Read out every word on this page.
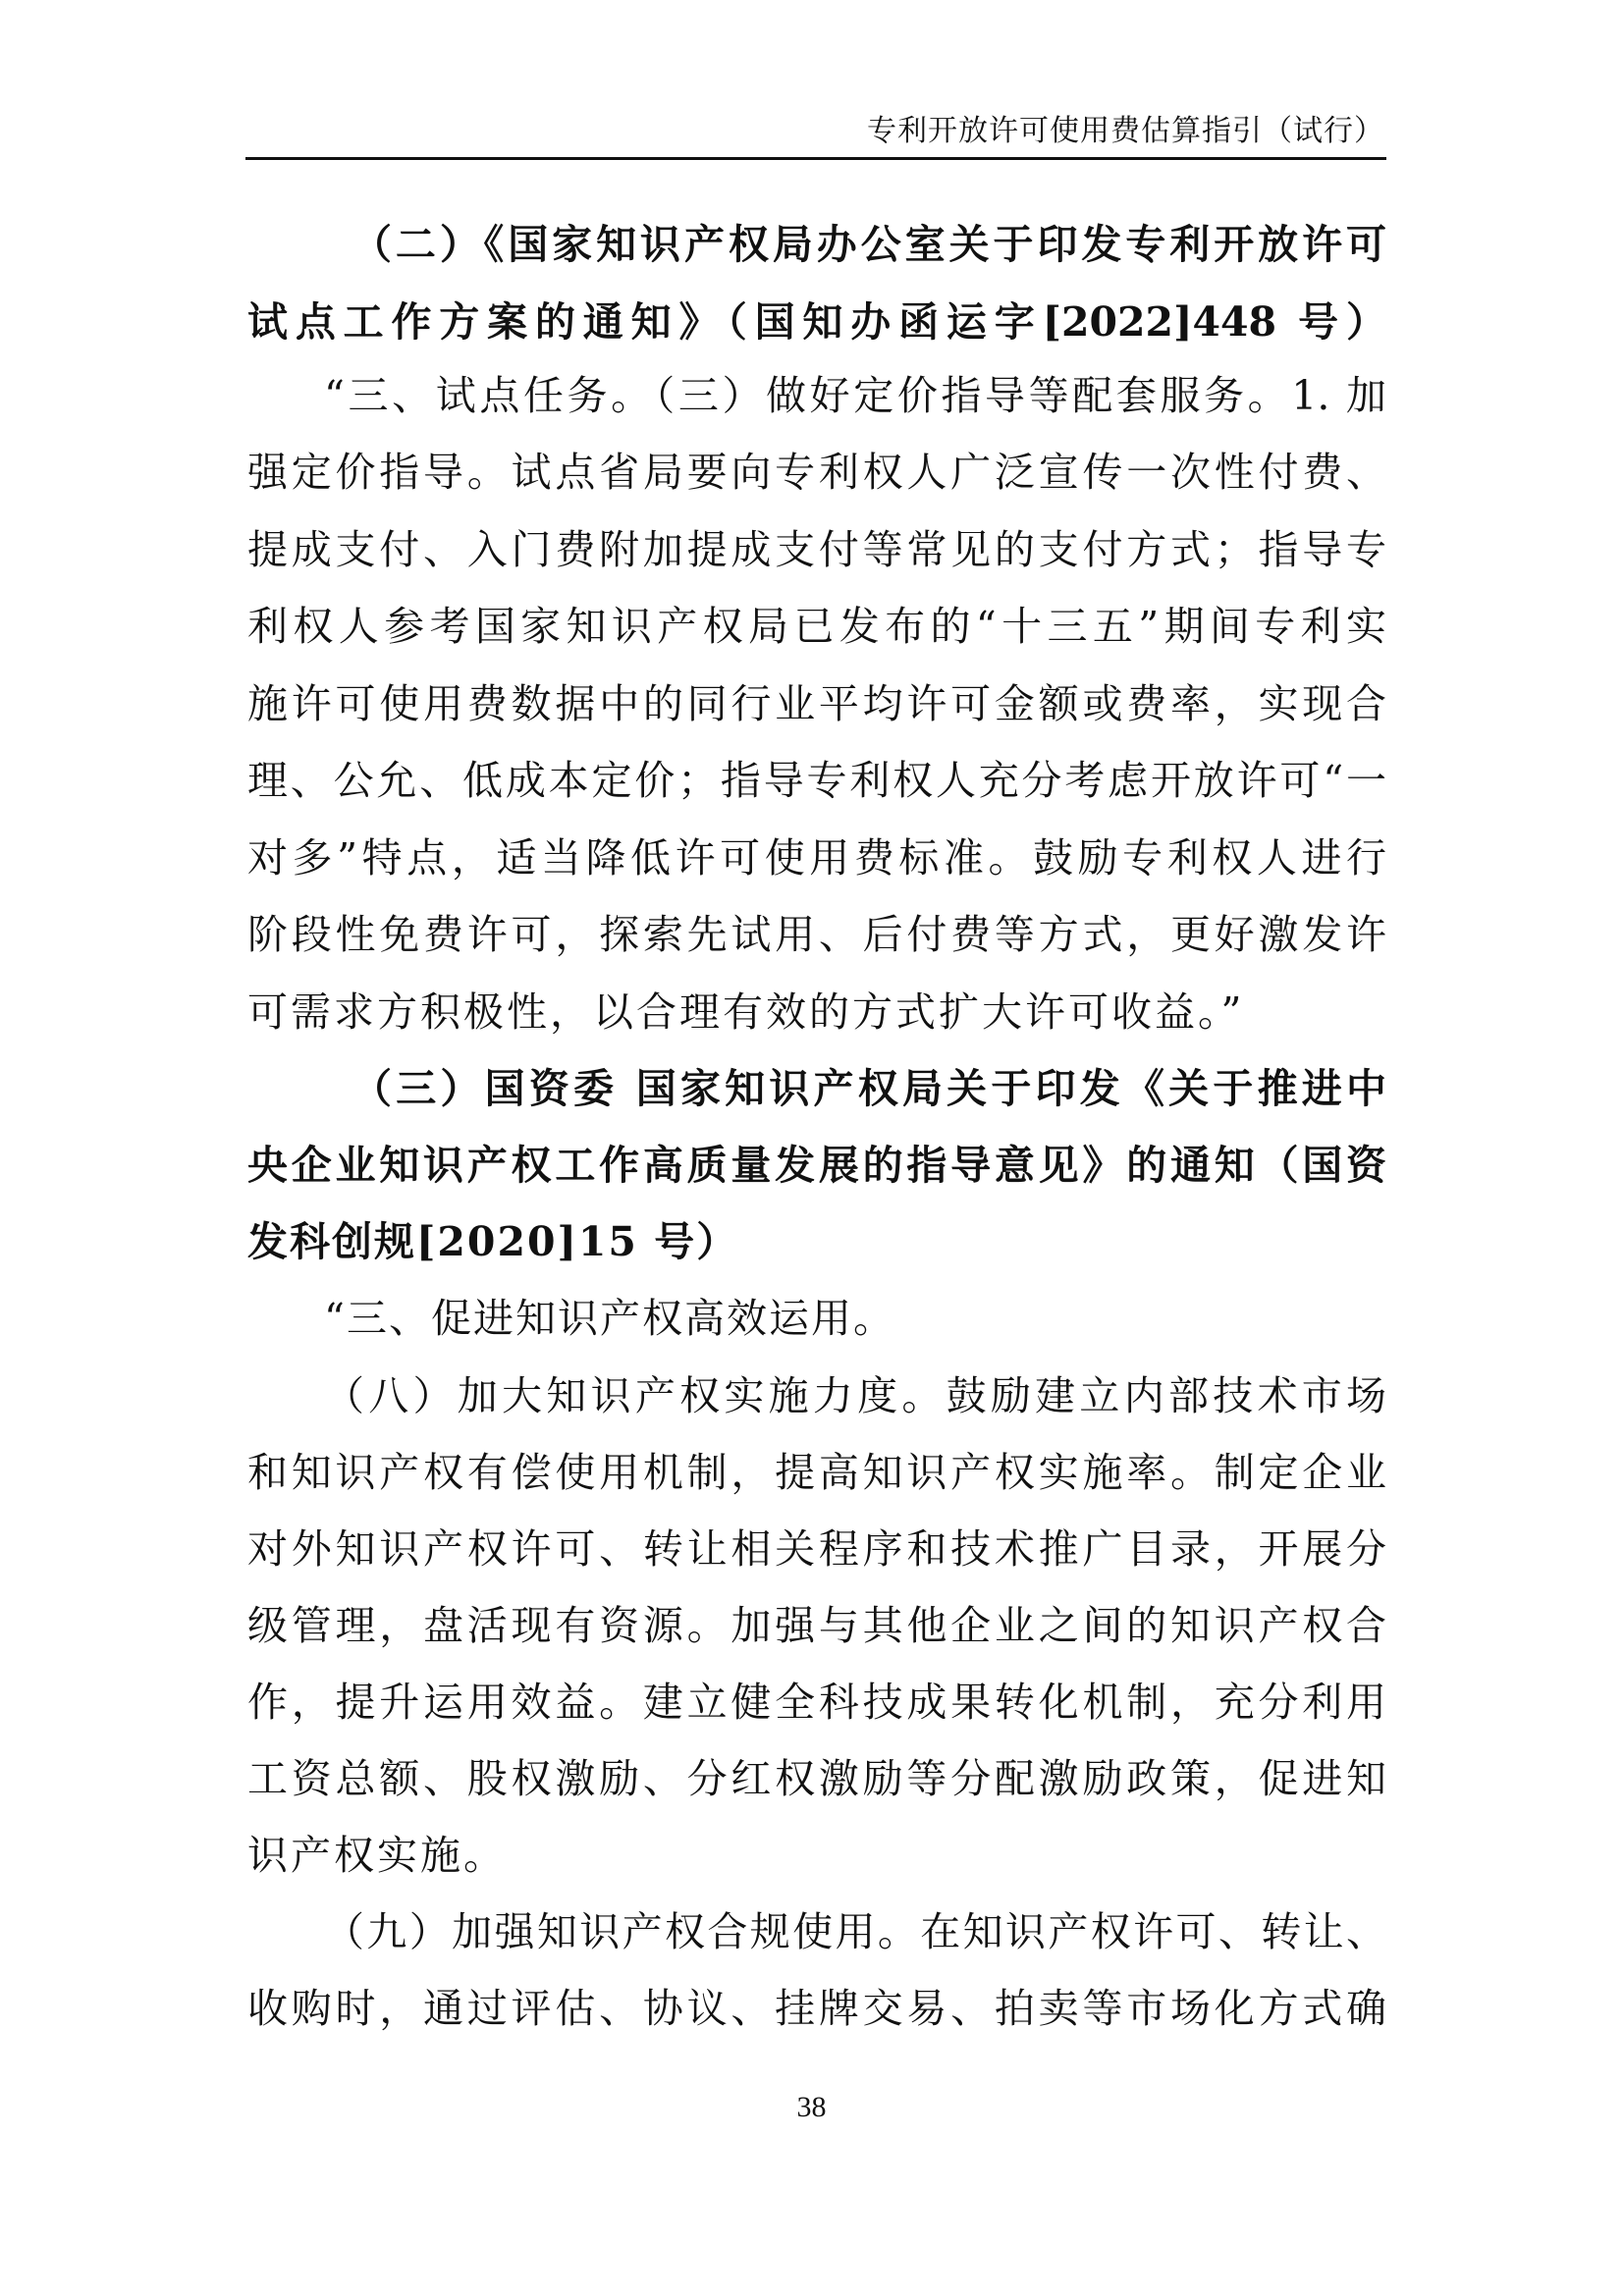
专利开放许可使用费估算指引（试行）
（二）《国家知识产权局办公室关于印发专利开放许可
试点工作方案的通知》（国知办函运字[2022]448 号）
“三、试点任务。（三）做好定价指导等配套服务。1. 加
强定价指导。试点省局要向专利权人广泛宣传一次性付费、
提成支付、入门费附加提成支付等常见的支付方式；指导专
利权人参考国家知识产权局已发布的“十三五”期间专利实
施许可使用费数据中的同行业平均许可金额或费率，实现合
理、公允、低成本定价；指导专利权人充分考虑开放许可“一
对多”特点，适当降低许可使用费标准。鼓励专利权人进行
阶段性免费许可，探索先试用、后付费等方式，更好激发许
可需求方积极性，以合理有效的方式扩大许可收益。”
（三）国资委 国家知识产权局关于印发《关于推进中
央企业知识产权工作高质量发展的指导意见》的通知（国资
发科创规[2020]15 号）
“三、促进知识产权高效运用。
（八）加大知识产权实施力度。鼓励建立内部技术市场
和知识产权有偿使用机制，提高知识产权实施率。制定企业
对外知识产权许可、转让相关程序和技术推广目录，开展分
级管理，盘活现有资源。加强与其他企业之间的知识产权合
作，提升运用效益。建立健全科技成果转化机制，充分利用
工资总额、股权激励、分红权激励等分配激励政策，促进知
识产权实施。
（九）加强知识产权合规使用。在知识产权许可、转让、
收购时，通过评估、协议、挂牌交易、拍卖等市场化方式确
38
